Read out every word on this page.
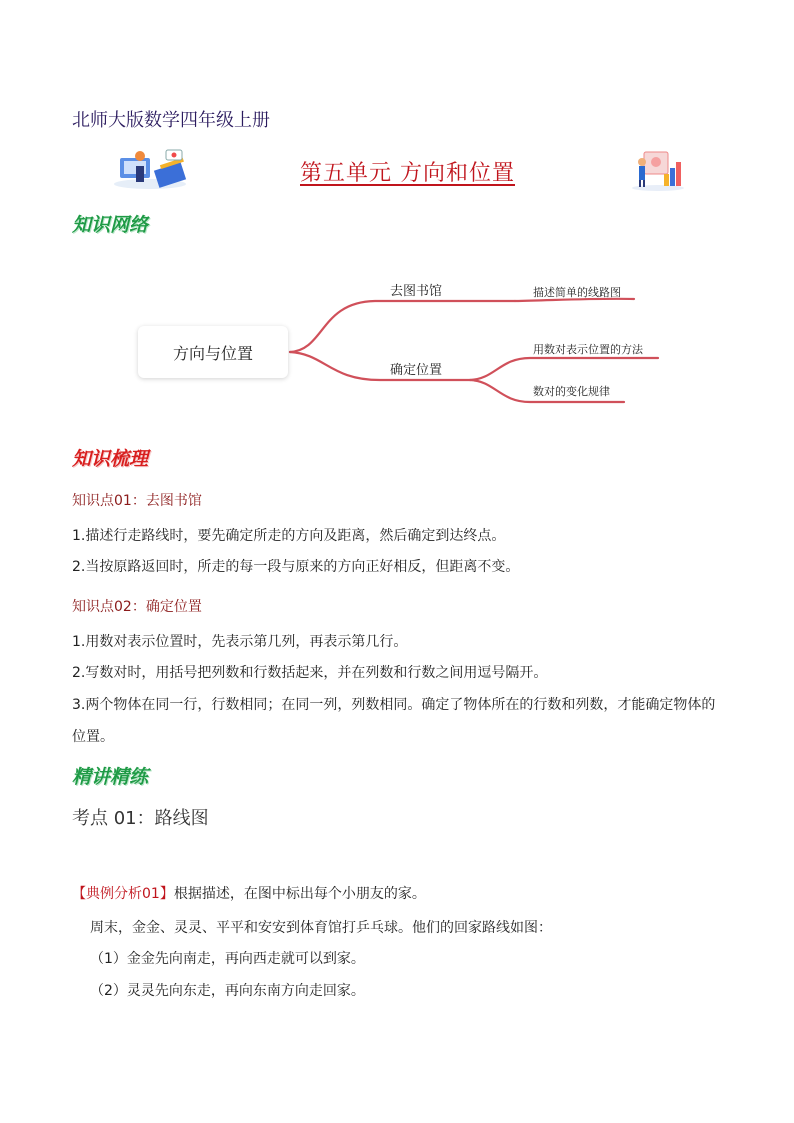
北师大版数学四年级上册
第五单元 方向和位置
知识网络
方向与位置
去图书馆	描述简单的线路图
确定位置
用数对表示位置的方法
数对的变化规律
知识梳理
知识点01：去图书馆
1.描述行走路线时，要先确定所走的方向及距离，然后确定到达终点。
2.当按原路返回时，所走的每一段与原来的方向正好相反，但距离不变。
知识点02：确定位置
1.用数对表示位置时，先表示第几列，再表示第几行。
2.写数对时，用括号把列数和行数括起来，并在列数和行数之间用逗号隔开。
3.两个物体在同一行，行数相同；在同一列，列数相同。确定了物体所在的行数和列数，才能确定物体的
位置。
精讲精练
考点 01：路线图
【典例分析01】根据描述，在图中标出每个小朋友的家。
周末，金金、灵灵、平平和安安到体育馆打乒乓球。他们的回家路线如图：
（1）金金先向南走，再向西走就可以到家。
（2）灵灵先向东走，再向东南方向走回家。
